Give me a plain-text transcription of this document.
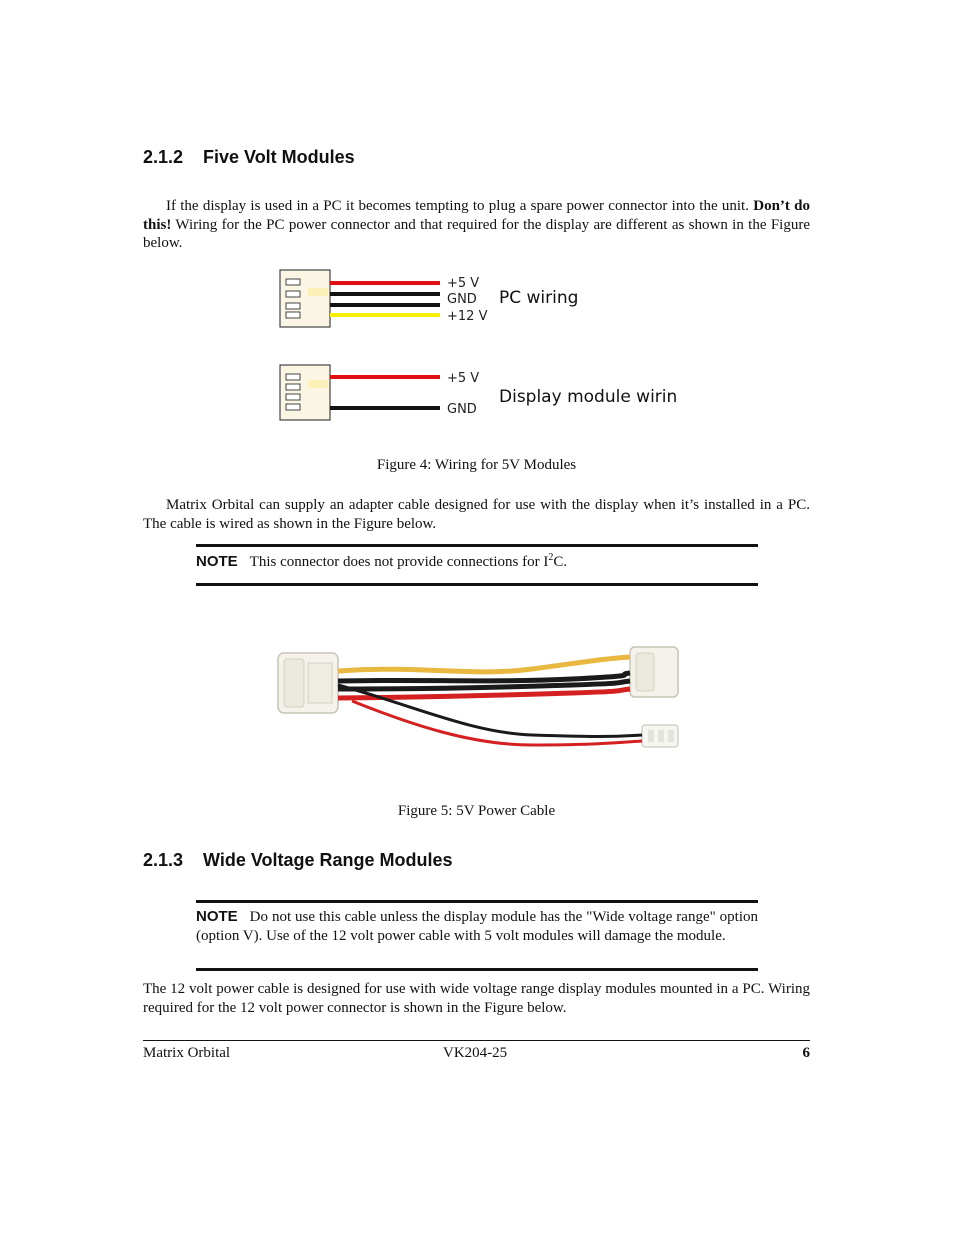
2.1.2 Five Volt Modules

If the display is used in a PC it becomes tempting to plug a spare power connector into the unit. Don’t do this! Wiring for the PC power connector and that required for the display are different as shown in the Figure below.

+5 V
GND
+12 V
PC wiring
+5 V
GND
Display module wiring

Figure 4: Wiring for 5V Modules

Matrix Orbital can supply an adapter cable designed for use with the display when it’s installed in a PC. The cable is wired as shown in the Figure below.

NOTE This connector does not provide connections for $I^2C$.

Figure 5: 5V Power Cable

2.1.3 Wide Voltage Range Modules
NOTE Do not use this cable unless the display module has the "Wide voltage range" option (option V). Use of the 12 volt power cable with 5 volt modules will damage the module.

The 12 volt power cable is designed for use with wide voltage range display modules mounted in a PC. Wiring required for the 12 volt power connector is shown in the Figure below.

Matrix Orbital	VK204-25	6
